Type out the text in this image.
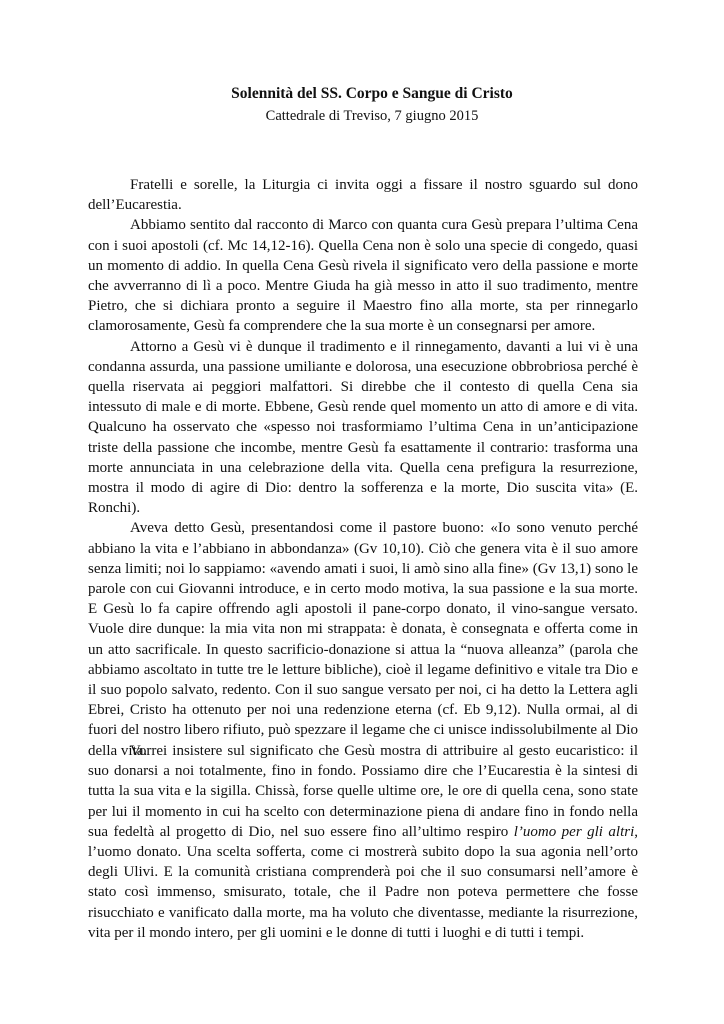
Solennità del SS. Corpo e Sangue di Cristo
Cattedrale di Treviso, 7 giugno 2015

Fratelli e sorelle, la Liturgia ci invita oggi a fissare il nostro sguardo sul dono dell’Eucarestia.

Abbiamo sentito dal racconto di Marco con quanta cura Gesù prepara l’ultima Cena con i suoi apostoli (cf. Mc 14,12-16). Quella Cena non è solo una specie di congedo, quasi un momento di addio. In quella Cena Gesù rivela il significato vero della passione e morte che avverranno di lì a poco. Mentre Giuda ha già messo in atto il suo tradimento, mentre Pietro, che si dichiara pronto a seguire il Maestro fino alla morte, sta per rinnegarlo clamorosamente, Gesù fa comprendere che la sua morte è un consegnarsi per amore.

Attorno a Gesù vi è dunque il tradimento e il rinnegamento, davanti a lui vi è una condanna assurda, una passione umiliante e dolorosa, una esecuzione obbrobriosa perché è quella riservata ai peggiori malfattori. Si direbbe che il contesto di quella Cena sia intessuto di male e di morte. Ebbene, Gesù rende quel momento un atto di amore e di vita. Qualcuno ha osservato che «spesso noi trasformiamo l’ultima Cena in un’anticipazione triste della passione che incombe, mentre Gesù fa esattamente il contrario: trasforma una morte annunciata in una celebrazione della vita. Quella cena prefigura la resurrezione, mostra il modo di agire di Dio: dentro la sofferenza e la morte, Dio suscita vita» (E. Ronchi).

Aveva detto Gesù, presentandosi come il pastore buono: «Io sono venuto perché abbiano la vita e l’abbiano in abbondanza» (Gv 10,10). Ciò che genera vita è il suo amore senza limiti; noi lo sappiamo: «avendo amati i suoi, li amò sino alla fine» (Gv 13,1) sono le parole con cui Giovanni introduce, e in certo modo motiva, la sua passione e la sua morte. E Gesù lo fa capire offrendo agli apostoli il pane-corpo donato, il vino-sangue versato. Vuole dire dunque: la mia vita non mi strappata: è donata, è consegnata e offerta come in un atto sacrificale. In questo sacrificio-donazione si attua la “nuova alleanza” (parola che abbiamo ascoltato in tutte tre le letture bibliche), cioè il legame definitivo e vitale tra Dio e il suo popolo salvato, redento. Con il suo sangue versato per noi, ci ha detto la Lettera agli Ebrei, Cristo ha ottenuto per noi una redenzione eterna (cf. Eb 9,12). Nulla ormai, al di fuori del nostro libero rifiuto, può spezzare il legame che ci unisce indissolubilmente al Dio della vita.

Vorrei insistere sul significato che Gesù mostra di attribuire al gesto eucaristico: il suo donarsi a noi totalmente, fino in fondo. Possiamo dire che l’Eucarestia è la sintesi di tutta la sua vita e la sigilla. Chissà, forse quelle ultime ore, le ore di quella cena, sono state per lui il momento in cui ha scelto con determinazione piena di andare fino in fondo nella sua fedeltà al progetto di Dio, nel suo essere fino all’ultimo respiro l’uomo per gli altri, l’uomo donato. Una scelta sofferta, come ci mostrerà subito dopo la sua agonia nell’orto degli Ulivi. E la comunità cristiana comprenderà poi che il suo consumarsi nell’amore è stato così immenso, smisurato, totale, che il Padre non poteva permettere che fosse risucchiato e vanificato dalla morte, ma ha voluto che diventasse, mediante la risurrezione, vita per il mondo intero, per gli uomini e le donne di tutti i luoghi e di tutti i tempi.
